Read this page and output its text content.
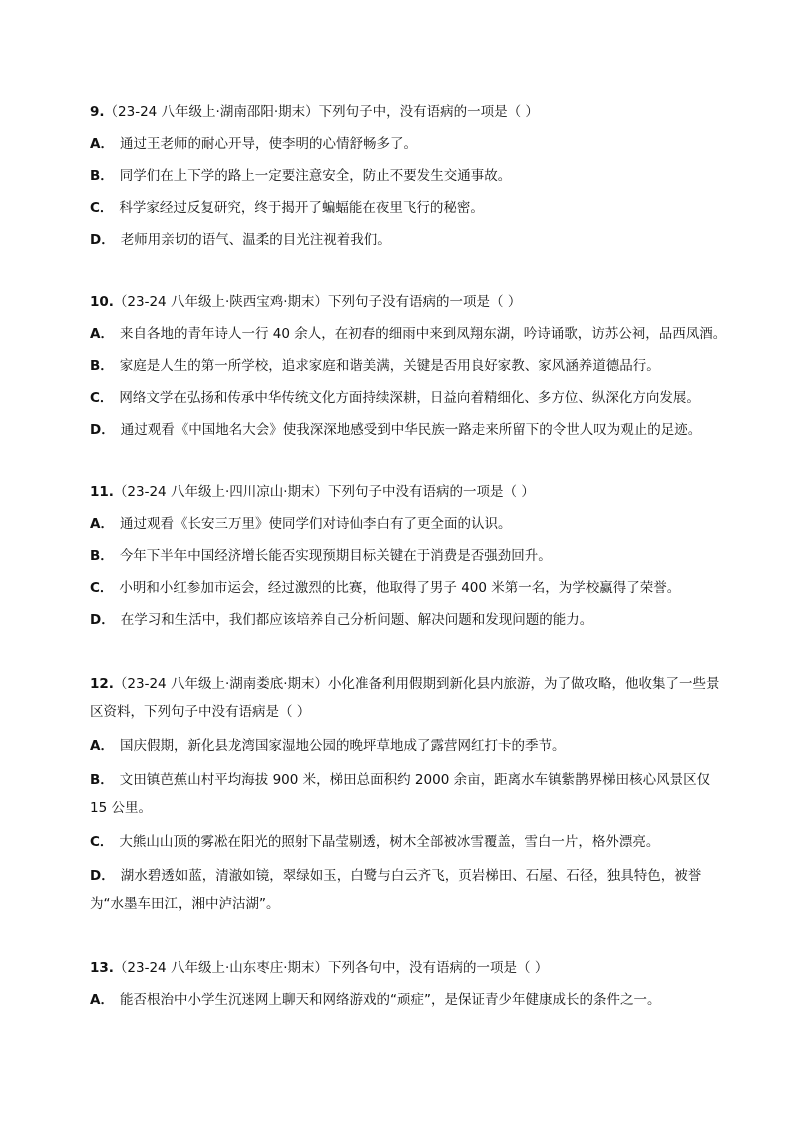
9.（23-24 八年级上·湖南邵阳·期末）下列句子中，没有语病的一项是（ ）
A． 通过王老师的耐心开导，使李明的心情舒畅多了。
B． 同学们在上下学的路上一定要注意安全，防止不要发生交通事故。
C． 科学家经过反复研究，终于揭开了蝙蝠能在夜里飞行的秘密。
D． 老师用亲切的语气、温柔的目光注视着我们。
10.（23-24 八年级上·陕西宝鸡·期末）下列句子没有语病的一项是（ ）
A． 来自各地的青年诗人一行 40 余人，在初春的细雨中来到凤翔东湖，吟诗诵歌，访苏公祠，品西凤酒。
B． 家庭是人生的第一所学校，追求家庭和谐美满，关键是否用良好家教、家风涵养道德品行。
C． 网络文学在弘扬和传承中华传统文化方面持续深耕，日益向着精细化、多方位、纵深化方向发展。
D． 通过观看《中国地名大会》使我深深地感受到中华民族一路走来所留下的令世人叹为观止的足迹。
11.（23-24 八年级上·四川凉山·期末）下列句子中没有语病的一项是（ ）
A． 通过观看《长安三万里》使同学们对诗仙李白有了更全面的认识。
B． 今年下半年中国经济增长能否实现预期目标关键在于消费是否强劲回升。
C． 小明和小红参加市运会，经过激烈的比赛，他取得了男子 400 米第一名，为学校赢得了荣誉。
D． 在学习和生活中，我们都应该培养自己分析问题、解决问题和发现问题的能力。
12.（23-24 八年级上·湖南娄底·期末）小化准备利用假期到新化县内旅游，为了做攻略，他收集了一些景区资料，下列句子中没有语病是（ ）
A． 国庆假期，新化县龙湾国家湿地公园的晚坪草地成了露营网红打卡的季节。
B． 文田镇芭蕉山村平均海拔 900 米，梯田总面积约 2000 余亩，距离水车镇紫鹊界梯田核心风景区仅 15 公里。
C． 大熊山山顶的雾凇在阳光的照射下晶莹剔透，树木全部被冰雪覆盖，雪白一片，格外漂亮。
D． 湖水碧透如蓝，清澈如镜，翠绿如玉，白鹭与白云齐飞，页岩梯田、石屋、石径，独具特色，被誉为“水墨车田江，湘中泸沽湖”。
13.（23-24 八年级上·山东枣庄·期末）下列各句中，没有语病的一项是（ ）
A． 能否根治中小学生沉迷网上聊天和网络游戏的“顽症”，是保证青少年健康成长的条件之一。
